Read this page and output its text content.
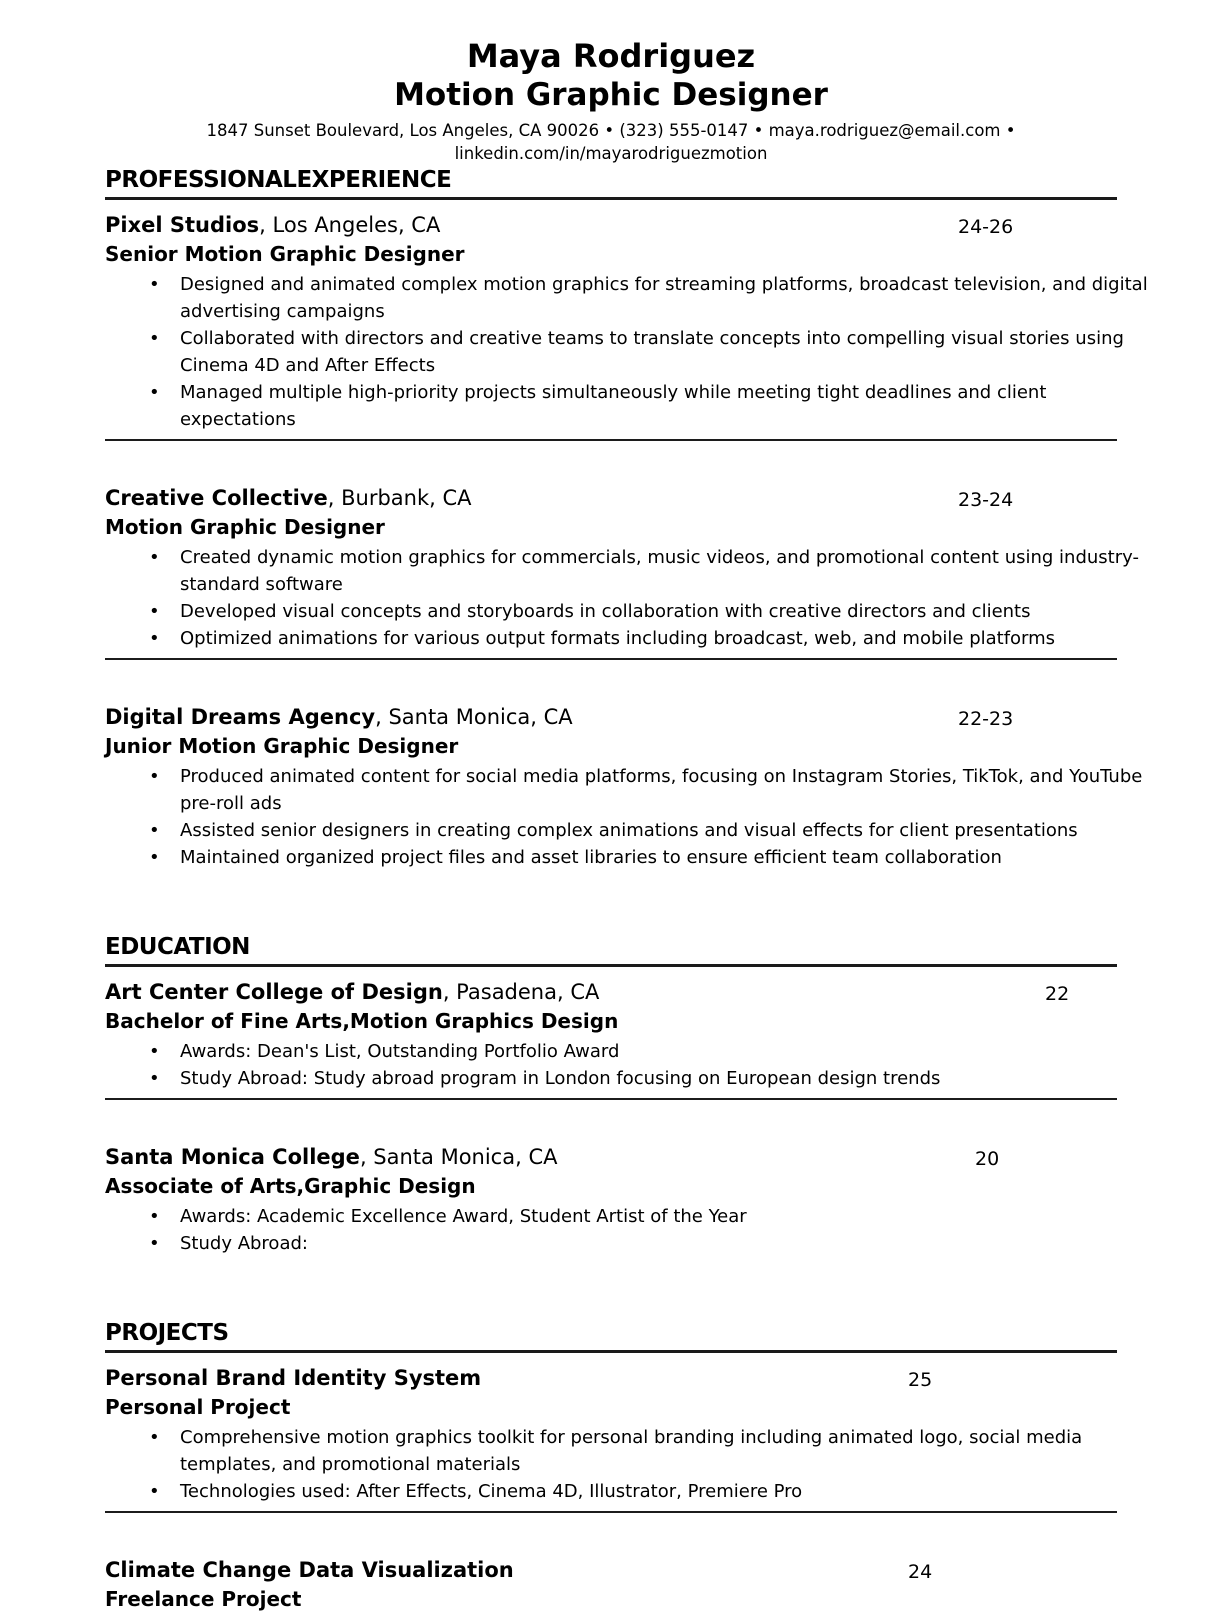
Maya Rodriguez
Motion Graphic Designer
1847 Sunset Boulevard, Los Angeles, CA 90026 • (323) 555-0147 • maya.rodriguez@email.com •
linkedin.com/in/mayarodriguezmotion
PROFESSIONALEXPERIENCE
Pixel Studios, Los Angeles, CA	24-26
Senior Motion Graphic Designer
• Designed and animated complex motion graphics for streaming platforms, broadcast television, and digital advertising campaigns
• Collaborated with directors and creative teams to translate concepts into compelling visual stories using Cinema 4D and After Effects
• Managed multiple high-priority projects simultaneously while meeting tight deadlines and client expectations
Creative Collective, Burbank, CA	23-24
Motion Graphic Designer
• Created dynamic motion graphics for commercials, music videos, and promotional content using industry-standard software
• Developed visual concepts and storyboards in collaboration with creative directors and clients
• Optimized animations for various output formats including broadcast, web, and mobile platforms
Digital Dreams Agency, Santa Monica, CA	22-23
Junior Motion Graphic Designer
• Produced animated content for social media platforms, focusing on Instagram Stories, TikTok, and YouTube pre-roll ads
• Assisted senior designers in creating complex animations and visual effects for client presentations
• Maintained organized project files and asset libraries to ensure efficient team collaboration
EDUCATION
Art Center College of Design, Pasadena, CA	22
Bachelor of Fine Arts,Motion Graphics Design
• Awards: Dean's List, Outstanding Portfolio Award
• Study Abroad: Study abroad program in London focusing on European design trends
Santa Monica College, Santa Monica, CA	20
Associate of Arts,Graphic Design
• Awards: Academic Excellence Award, Student Artist of the Year
• Study Abroad:
PROJECTS
Personal Brand Identity System	25
Personal Project
• Comprehensive motion graphics toolkit for personal branding including animated logo, social media templates, and promotional materials
• Technologies used: After Effects, Cinema 4D, Illustrator, Premiere Pro
Climate Change Data Visualization	24
Freelance Project
